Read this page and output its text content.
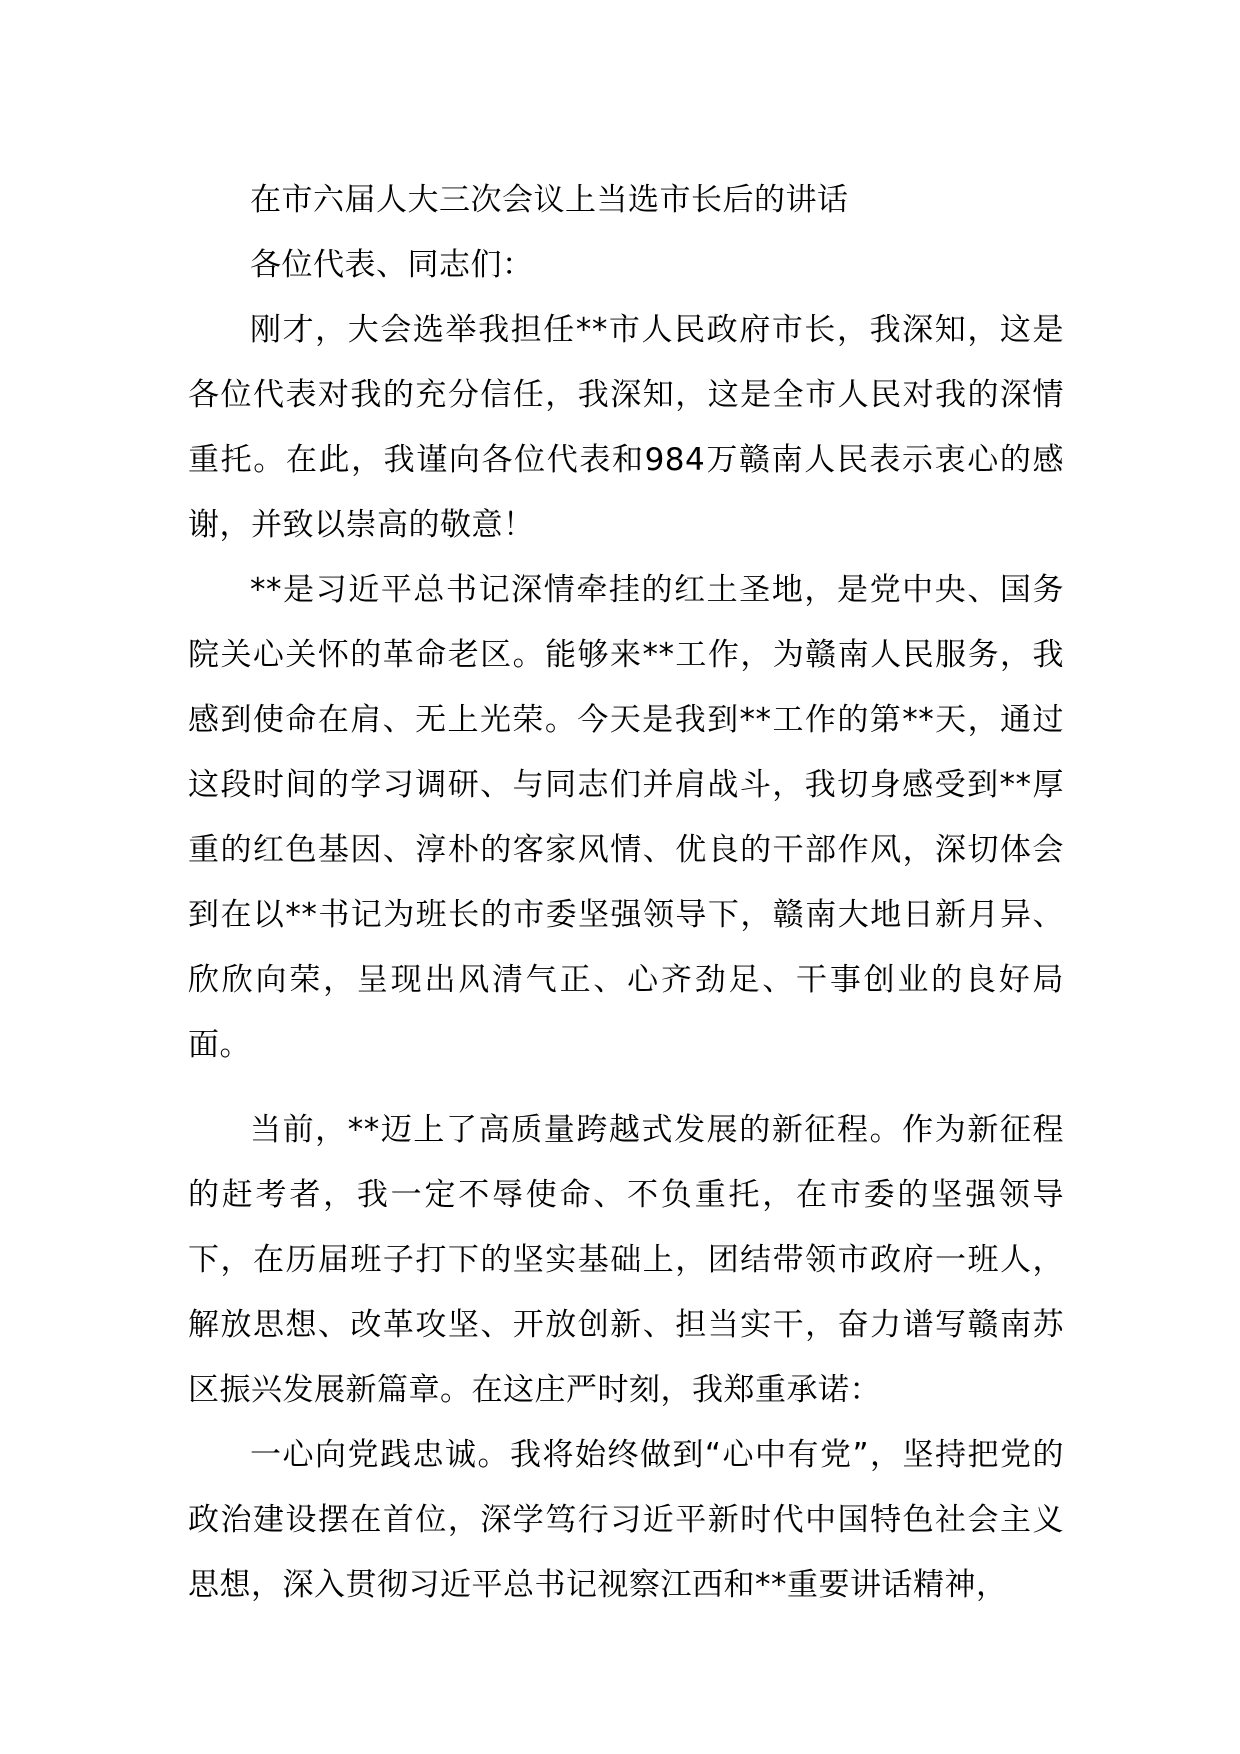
在市六届人大三次会议上当选市长后的讲话

各位代表、同志们：

刚才，大会选举我担任**市人民政府市长，我深知，这是各位代表对我的充分信任，我深知，这是全市人民对我的深情重托。在此，我谨向各位代表和984万赣南人民表示衷心的感谢，并致以崇高的敬意！

**是习近平总书记深情牵挂的红土圣地，是党中央、国务院关心关怀的革命老区。能够来**工作，为赣南人民服务，我感到使命在肩、无上光荣。今天是我到**工作的第**天，通过这段时间的学习调研、与同志们并肩战斗，我切身感受到**厚重的红色基因、淳朴的客家风情、优良的干部作风，深切体会到在以**书记为班长的市委坚强领导下，赣南大地日新月异、欣欣向荣，呈现出风清气正、心齐劲足、干事创业的良好局面。

当前，**迈上了高质量跨越式发展的新征程。作为新征程的赶考者，我一定不辱使命、不负重托，在市委的坚强领导下，在历届班子打下的坚实基础上，团结带领市政府一班人，解放思想、改革攻坚、开放创新、担当实干，奋力谱写赣南苏区振兴发展新篇章。在这庄严时刻，我郑重承诺：

一心向党践忠诚。我将始终做到“心中有党”，坚持把党的政治建设摆在首位，深学笃行习近平新时代中国特色社会主义思想，深入贯彻习近平总书记视察江西和**重要讲话精神，
